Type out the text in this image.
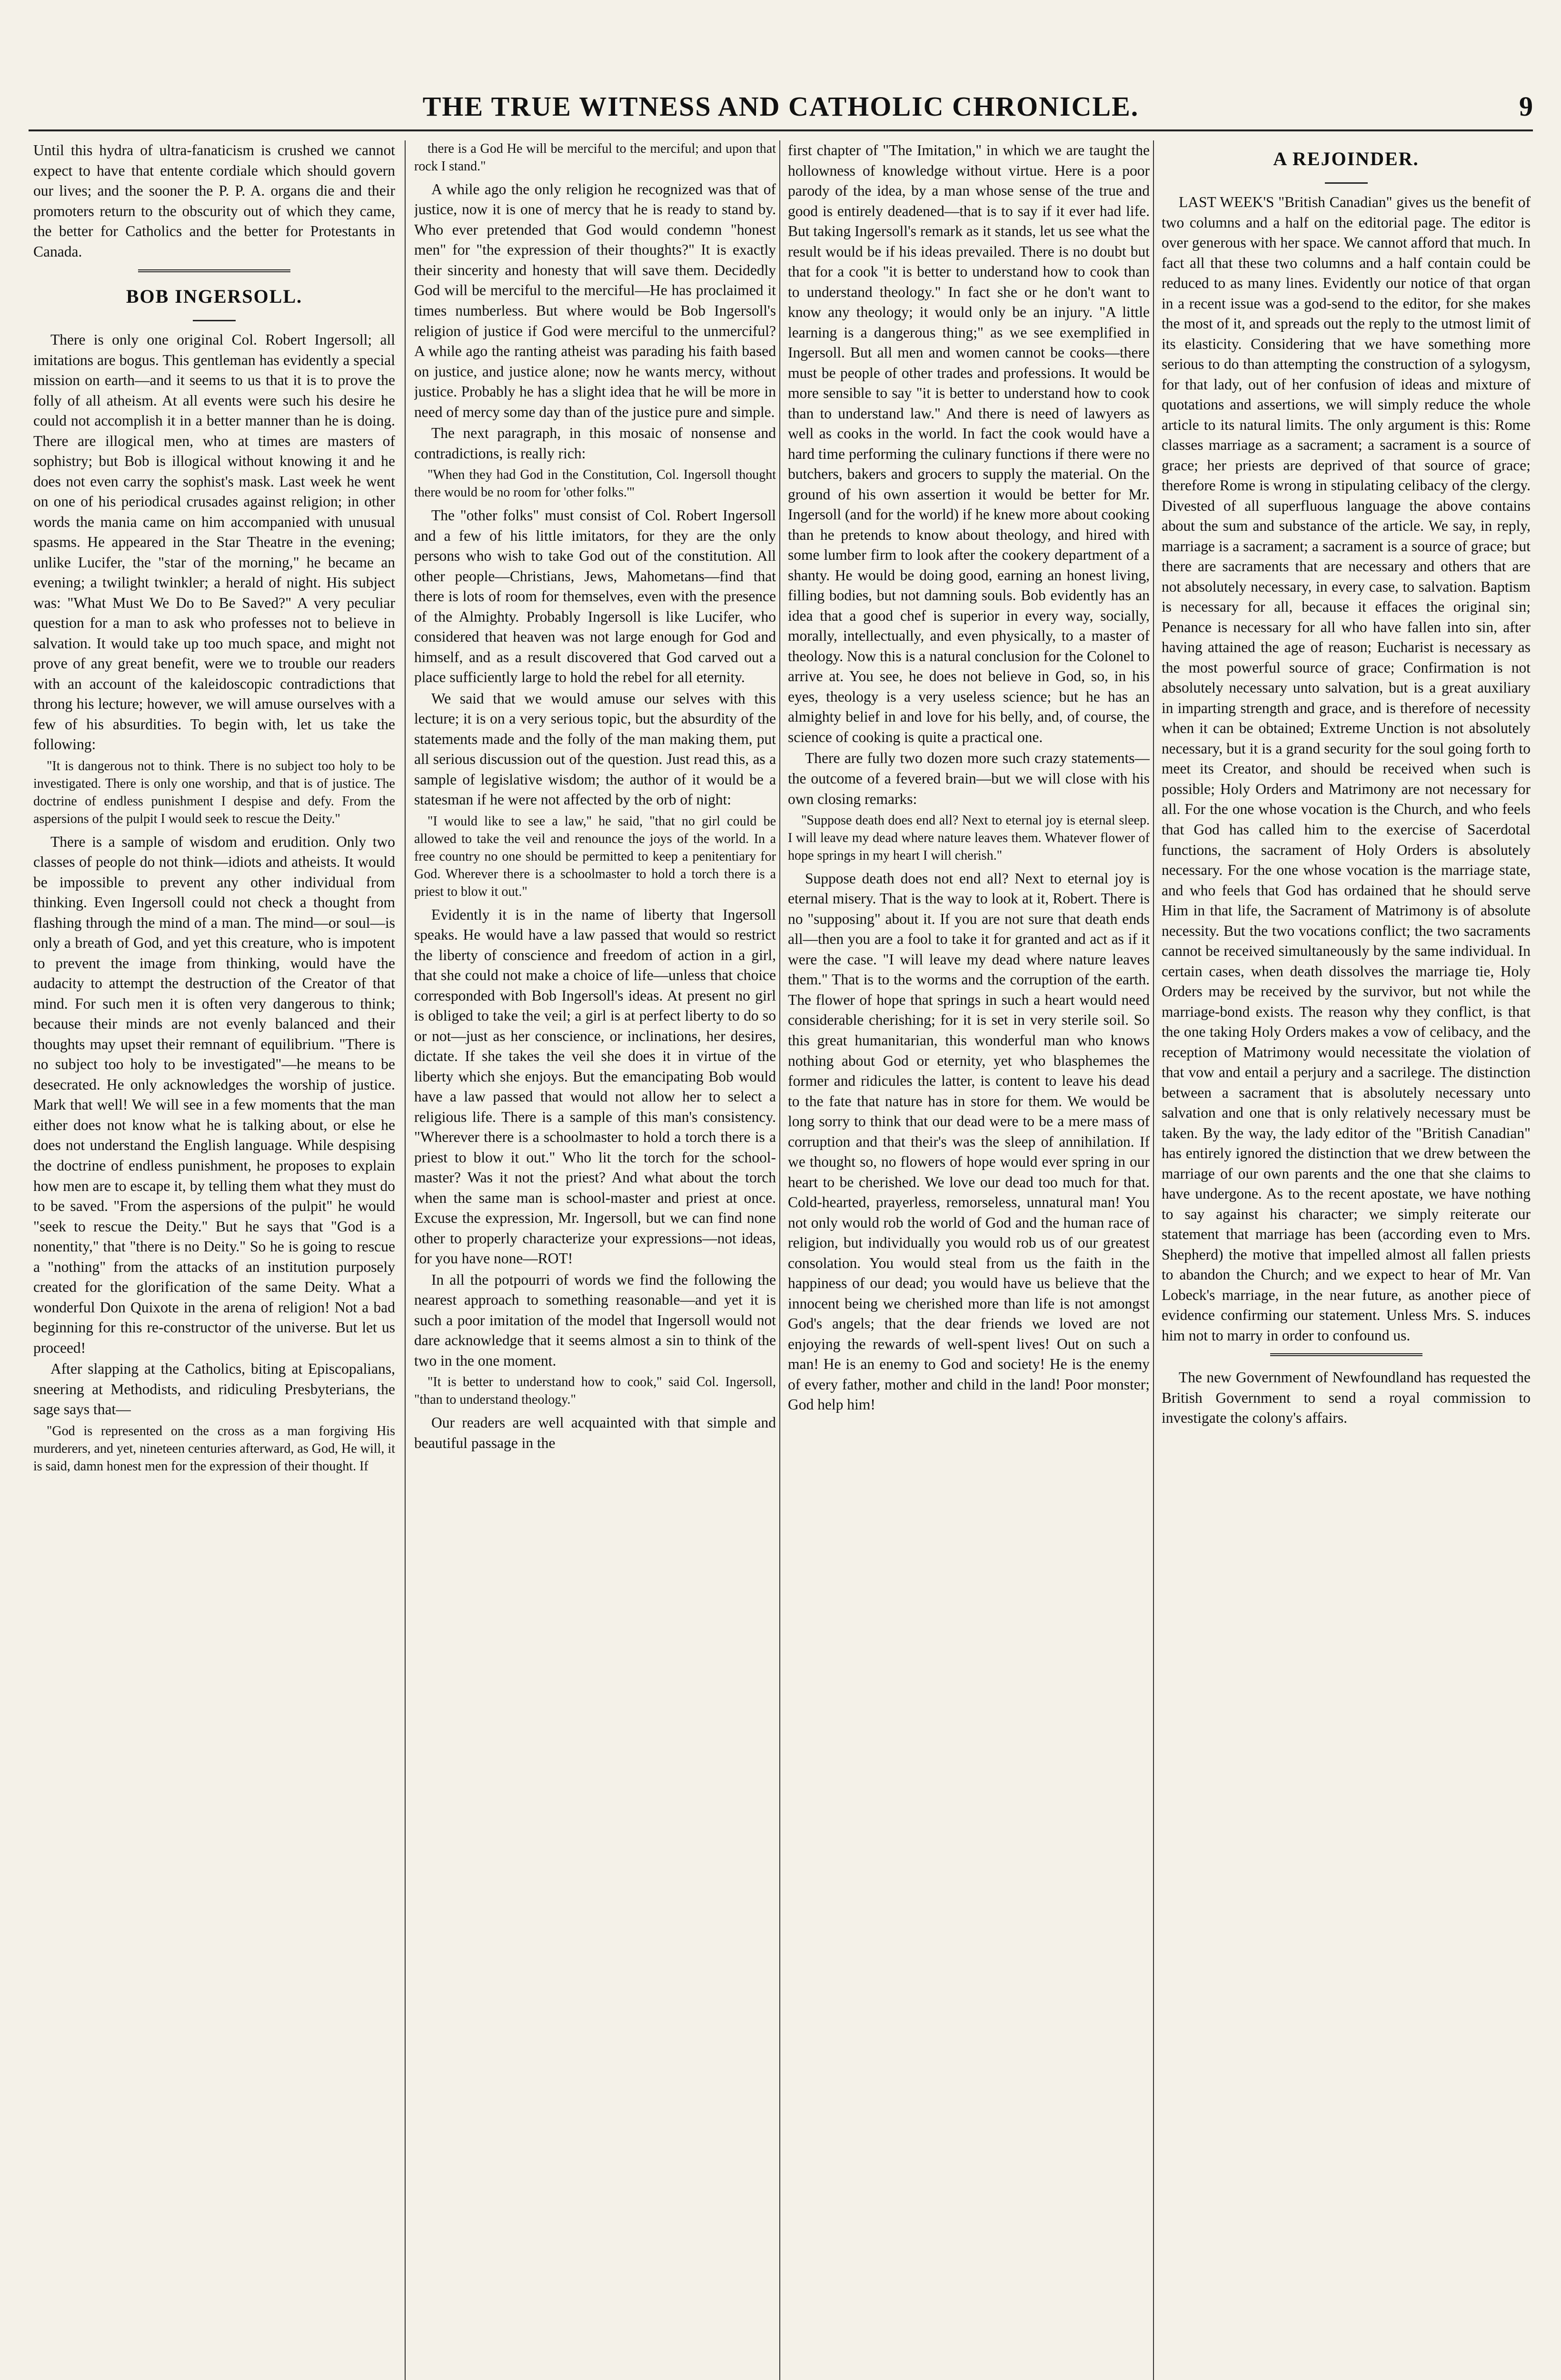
THE TRUE WITNESS AND CATHOLIC CHRONICLE.	9

Until this hydra of ultra-fanaticism is crushed we cannot expect to have that entente cordiale which should govern our lives; and the sooner the P. P. A. organs die and their promoters return to the obscurity out of which they came, the better for Catholics and the better for Protestants in Canada.

BOB INGERSOLL.

There is only one original Col. Robert Ingersoll; all imitations are bogus. This gentleman has evidently a special mission on earth—and it seems to us that it is to prove the folly of all atheism. At all events were such his desire he could not accomplish it in a better manner than he is doing. There are illogical men, who at times are masters of sophistry; but Bob is illogical without knowing it and he does not even carry the sophist's mask. Last week he went on one of his periodical crusades against religion; in other words the mania came on him accompanied with unusual spasms. He appeared in the Star Theatre in the evening; unlike Lucifer, the "star of the morning," he became an evening; a twilight twinkler; a herald of night. His subject was: "What Must We Do to Be Saved?" A very peculiar question for a man to ask who professes not to believe in salvation. It would take up too much space, and might not prove of any great benefit, were we to trouble our readers with an account of the kaleidoscopic contradictions that throng his lecture; however, we will amuse ourselves with a few of his absurdities. To begin with, let us take the following:

"It is dangerous not to think. There is no subject too holy to be investigated. There is only one worship, and that is of justice. The doctrine of endless punishment I despise and defy. From the aspersions of the pulpit I would seek to rescue the Deity."

There is a sample of wisdom and erudition. Only two classes of people do not think—idiots and atheists. It would be impossible to prevent any other individual from thinking. Even Ingersoll could not check a thought from flashing through the mind of a man. The mind—or soul—is only a breath of God, and yet this creature, who is impotent to prevent the image from thinking, would have the audacity to attempt the destruction of the Creator of that mind. For such men it is often very dangerous to think; because their minds are not evenly balanced and their thoughts may upset their remnant of equilibrium. "There is no subject too holy to be investigated"—he means to be desecrated. He only acknowledges the worship of justice. Mark that well! We will see in a few moments that the man either does not know what he is talking about, or else he does not understand the English language. While despising the doctrine of endless punishment, he proposes to explain how men are to escape it, by telling them what they must do to be saved. "From the aspersions of the pulpit" he would "seek to rescue the Deity." But he says that "God is a nonentity," that "there is no Deity." So he is going to rescue a "nothing" from the attacks of an institution purposely created for the glorification of the same Deity. What a wonderful Don Quixote in the arena of religion! Not a bad beginning for this re-constructor of the universe. But let us proceed!

After slapping at the Catholics, biting at Episcopalians, sneering at Methodists, and ridiculing Presbyterians, the sage says that—

"God is represented on the cross as a man forgiving His murderers, and yet, nineteen centuries afterward, as God, He will, it is said, damn honest men for the expression of their thought. If

there is a God He will be merciful to the merciful; and upon that rock I stand."

A while ago the only religion he recognized was that of justice, now it is one of mercy that he is ready to stand by. Who ever pretended that God would condemn "honest men" for "the expression of their thoughts?" It is exactly their sincerity and honesty that will save them. Decidedly God will be merciful to the merciful—He has proclaimed it times numberless. But where would be Bob Ingersoll's religion of justice if God were merciful to the unmerciful? A while ago the ranting atheist was parading his faith based on justice, and justice alone; now he wants mercy, without justice. Probably he has a slight idea that he will be more in need of mercy some day than of the justice pure and simple.

The next paragraph, in this mosaic of nonsense and contradictions, is really rich:

"When they had God in the Constitution, Col. Ingersoll thought there would be no room for 'other folks.'"

The "other folks" must consist of Col. Robert Ingersoll and a few of his little imitators, for they are the only persons who wish to take God out of the constitution. All other people—Christians, Jews, Mahometans—find that there is lots of room for themselves, even with the presence of the Almighty. Probably Ingersoll is like Lucifer, who considered that heaven was not large enough for God and himself, and as a result discovered that God carved out a place sufficiently large to hold the rebel for all eternity.

We said that we would amuse our selves with this lecture; it is on a very serious topic, but the absurdity of the statements made and the folly of the man making them, put all serious discussion out of the question. Just read this, as a sample of legislative wisdom; the author of it would be a statesman if he were not affected by the orb of night:

"I would like to see a law," he said, "that no girl could be allowed to take the veil and renounce the joys of the world. In a free country no one should be permitted to keep a penitentiary for God. Wherever there is a schoolmaster to hold a torch there is a priest to blow it out."

Evidently it is in the name of liberty that Ingersoll speaks. He would have a law passed that would so restrict the liberty of conscience and freedom of action in a girl, that she could not make a choice of life—unless that choice corresponded with Bob Ingersoll's ideas. At present no girl is obliged to take the veil; a girl is at perfect liberty to do so or not—just as her conscience, or inclinations, her desires, dictate. If she takes the veil she does it in virtue of the liberty which she enjoys. But the emancipating Bob would have a law passed that would not allow her to select a religious life. There is a sample of this man's consistency. "Wherever there is a schoolmaster to hold a torch there is a priest to blow it out." Who lit the torch for the school-master? Was it not the priest? And what about the torch when the same man is school-master and priest at once. Excuse the expression, Mr. Ingersoll, but we can find none other to properly characterize your expressions—not ideas, for you have none—ROT!

In all the potpourri of words we find the following the nearest approach to something reasonable—and yet it is such a poor imitation of the model that Ingersoll would not dare acknowledge that it seems almost a sin to think of the two in the one moment.

"It is better to understand how to cook," said Col. Ingersoll, "than to understand theology."

Our readers are well acquainted with that simple and beautiful passage in the

first chapter of "The Imitation," in which we are taught the hollowness of knowledge without virtue. Here is a poor parody of the idea, by a man whose sense of the true and good is entirely deadened—that is to say if it ever had life. But taking Ingersoll's remark as it stands, let us see what the result would be if his ideas prevailed. There is no doubt but that for a cook "it is better to understand how to cook than to understand theology." In fact she or he don't want to know any theology; it would only be an injury. "A little learning is a dangerous thing;" as we see exemplified in Ingersoll. But all men and women cannot be cooks—there must be people of other trades and professions. It would be more sensible to say "it is better to understand how to cook than to understand law." And there is need of lawyers as well as cooks in the world. In fact the cook would have a hard time performing the culinary functions if there were no butchers, bakers and grocers to supply the material. On the ground of his own assertion it would be better for Mr. Ingersoll (and for the world) if he knew more about cooking than he pretends to know about theology, and hired with some lumber firm to look after the cookery department of a shanty. He would be doing good, earning an honest living, filling bodies, but not damning souls. Bob evidently has an idea that a good chef is superior in every way, socially, morally, intellectually, and even physically, to a master of theology. Now this is a natural conclusion for the Colonel to arrive at. You see, he does not believe in God, so, in his eyes, theology is a very useless science; but he has an almighty belief in and love for his belly, and, of course, the science of cooking is quite a practical one.

There are fully two dozen more such crazy statements—the outcome of a fevered brain—but we will close with his own closing remarks:

"Suppose death does end all? Next to eternal joy is eternal sleep. I will leave my dead where nature leaves them. Whatever flower of hope springs in my heart I will cherish."

Suppose death does not end all? Next to eternal joy is eternal misery. That is the way to look at it, Robert. There is no "supposing" about it. If you are not sure that death ends all—then you are a fool to take it for granted and act as if it were the case. "I will leave my dead where nature leaves them." That is to the worms and the corruption of the earth. The flower of hope that springs in such a heart would need considerable cherishing; for it is set in very sterile soil. So this great humanitarian, this wonderful man who knows nothing about God or eternity, yet who blasphemes the former and ridicules the latter, is content to leave his dead to the fate that nature has in store for them. We would be long sorry to think that our dead were to be a mere mass of corruption and that their's was the sleep of annihilation. If we thought so, no flowers of hope would ever spring in our heart to be cherished. We love our dead too much for that. Cold-hearted, prayerless, remorseless, unnatural man! You not only would rob the world of God and the human race of religion, but individually you would rob us of our greatest consolation. You would steal from us the faith in the happiness of our dead; you would have us believe that the innocent being we cherished more than life is not amongst God's angels; that the dear friends we loved are not enjoying the rewards of well-spent lives! Out on such a man! He is an enemy to God and society! He is the enemy of every father, mother and child in the land! Poor monster; God help him!

A REJOINDER.

LAST WEEK'S "British Canadian" gives us the benefit of two columns and a half on the editorial page. The editor is over generous with her space. We cannot afford that much. In fact all that these two columns and a half contain could be reduced to as many lines. Evidently our notice of that organ in a recent issue was a god-send to the editor, for she makes the most of it, and spreads out the reply to the utmost limit of its elasticity. Considering that we have something more serious to do than attempting the construction of a sylogysm, for that lady, out of her confusion of ideas and mixture of quotations and assertions, we will simply reduce the whole article to its natural limits. The only argument is this: Rome classes marriage as a sacrament; a sacrament is a source of grace; her priests are deprived of that source of grace; therefore Rome is wrong in stipulating celibacy of the clergy. Divested of all superfluous language the above contains about the sum and substance of the article. We say, in reply, marriage is a sacrament; a sacrament is a source of grace; but there are sacraments that are necessary and others that are not absolutely necessary, in every case, to salvation. Baptism is necessary for all, because it effaces the original sin; Penance is necessary for all who have fallen into sin, after having attained the age of reason; Eucharist is necessary as the most powerful source of grace; Confirmation is not absolutely necessary unto salvation, but is a great auxiliary in imparting strength and grace, and is therefore of necessity when it can be obtained; Extreme Unction is not absolutely necessary, but it is a grand security for the soul going forth to meet its Creator, and should be received when such is possible; Holy Orders and Matrimony are not necessary for all. For the one whose vocation is the Church, and who feels that God has called him to the exercise of Sacerdotal functions, the sacrament of Holy Orders is absolutely necessary. For the one whose vocation is the marriage state, and who feels that God has ordained that he should serve Him in that life, the Sacrament of Matrimony is of absolute necessity. But the two vocations conflict; the two sacraments cannot be received simultaneously by the same individual. In certain cases, when death dissolves the marriage tie, Holy Orders may be received by the survivor, but not while the marriage-bond exists. The reason why they conflict, is that the one taking Holy Orders makes a vow of celibacy, and the reception of Matrimony would necessitate the violation of that vow and entail a perjury and a sacrilege. The distinction between a sacrament that is absolutely necessary unto salvation and one that is only relatively necessary must be taken. By the way, the lady editor of the "British Canadian" has entirely ignored the distinction that we drew between the marriage of our own parents and the one that she claims to have undergone. As to the recent apostate, we have nothing to say against his character; we simply reiterate our statement that marriage has been (according even to Mrs. Shepherd) the motive that impelled almost all fallen priests to abandon the Church; and we expect to hear of Mr. Van Lobeck's marriage, in the near future, as another piece of evidence confirming our statement. Unless Mrs. S. induces him not to marry in order to confound us.

The new Government of Newfoundland has requested the British Government to send a royal commission to investigate the colony's affairs.
